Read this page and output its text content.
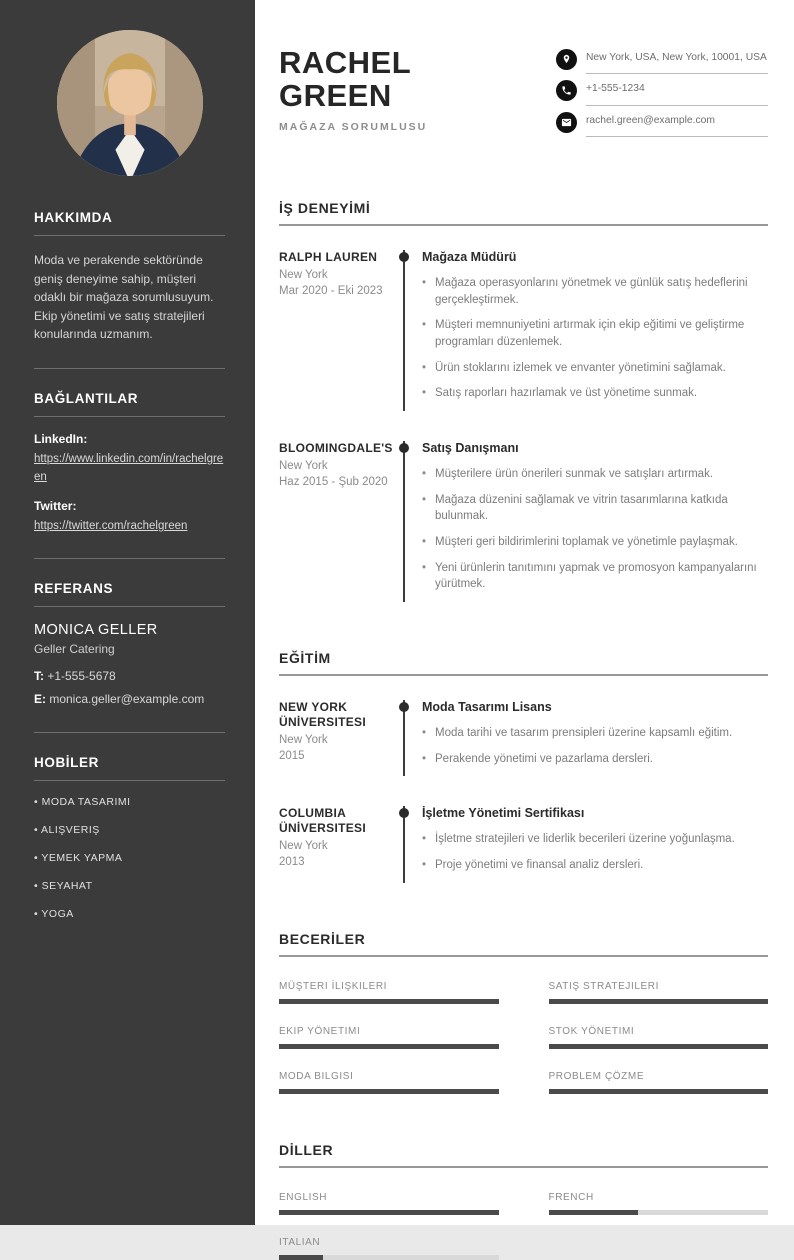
HAKKIMDA

Moda ve perakende sektöründe geniş deneyime sahip, müşteri odaklı bir mağaza sorumlusuyum. Ekip yönetimi ve satış stratejileri konularında uzmanım.

BAĞLANTILAR
LinkedIn:
https://www.linkedin.com/in/rachelgreen
Twitter:
https://twitter.com/rachelgreen
REFERANS
MONICA GELLER
Geller Catering
T: +1-555-5678
E: monica.geller@example.com
HOBİLER
• MODA TASARIMI
• ALIŞVERIŞ
• YEMEK YAPMA
• SEYAHAT
• YOGA
RACHEL
GREEN
MAĞAZA SORUMLUSU
New York, USA, New York, 10001, USA
+1-555-1234
rachel.green@example.com
İŞ DENEYİMİ
RALPH LAUREN
New York
Mar 2020 - Eki 2023
Mağaza Müdürü
• Mağaza operasyonlarını yönetmek ve günlük satış hedeflerini gerçekleştirmek.
• Müşteri memnuniyetini artırmak için ekip eğitimi ve geliştirme programları düzenlemek.
• Ürün stoklarını izlemek ve envanter yönetimini sağlamak.
• Satış raporları hazırlamak ve üst yönetime sunmak.
BLOOMINGDALE'S
New York
Haz 2015 - Şub 2020
Satış Danışmanı
• Müşterilere ürün önerileri sunmak ve satışları artırmak.
• Mağaza düzenini sağlamak ve vitrin tasarımlarına katkıda bulunmak.
• Müşteri geri bildirimlerini toplamak ve yönetimle paylaşmak.
• Yeni ürünlerin tanıtımını yapmak ve promosyon kampanyalarını yürütmek.
EĞİTİM
NEW YORK ÜNİVERSITESI
New York
2015
Moda Tasarımı Lisans
• Moda tarihi ve tasarım prensipleri üzerine kapsamlı eğitim.
• Perakende yönetimi ve pazarlama dersleri.
COLUMBIA ÜNİVERSITESI
New York
2013
İşletme Yönetimi Sertifikası
• İşletme stratejileri ve liderlik becerileri üzerine yoğunlaşma.
• Proje yönetimi ve finansal analiz dersleri.
BECERİLER
MÜŞTERI İLIŞKILERI	SATIŞ STRATEJILERI
EKIP YÖNETIMI	STOK YÖNETIMI
MODA BILGISI	PROBLEM ÇÖZME
DİLLER
ENGLISH	FRENCH
ITALIAN
